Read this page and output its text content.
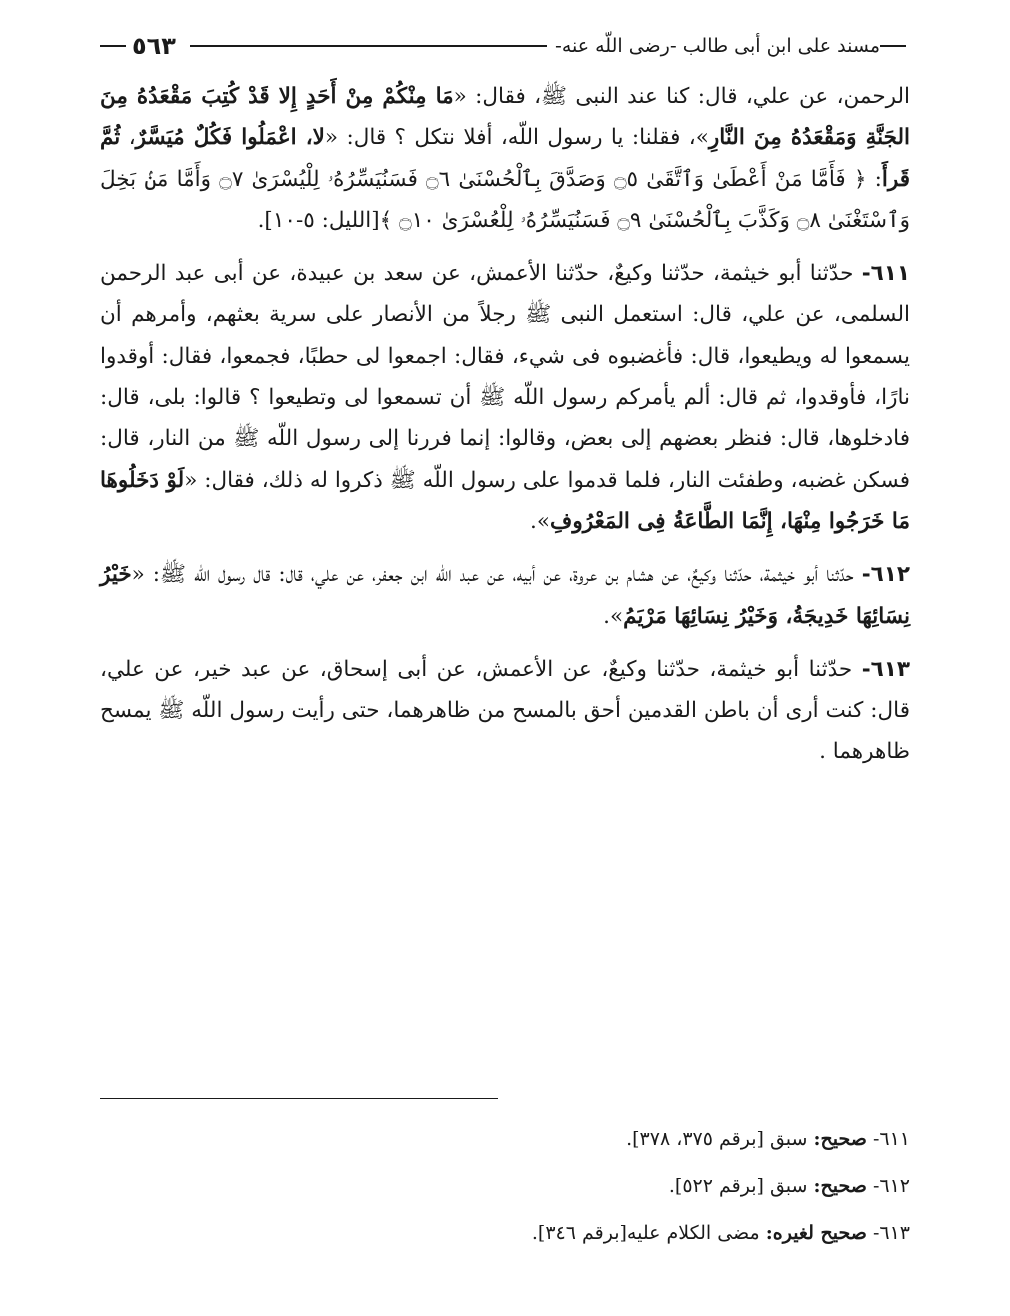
مسند على ابن أبى طالب -رضى اللّه عنه-
٥٦٣

الرحمن، عن علي، قال: كنا عند النبى ﷺ، فقال: «مَا مِنْكُمْ مِنْ أَحَدٍ إِلا قَدْ كُتِبَ مَقْعَدُهُ مِنَ الجَنَّةِ وَمَقْعَدُهُ مِنَ النَّارِ»، فقلنا: يا رسول اللّه، أفلا نتكل ؟ قال: «لا، اعْمَلُوا فَكُلٌ مُيَسَّرٌ، ثُمَّ قَرأَ: ﴿ فَأَمَّا مَنْ أَعْطَىٰ وَٱتَّقَىٰ ۝٥ وَصَدَّقَ بِٱلْحُسْنَىٰ ۝٦ فَسَنُيَسِّرُهُۥ لِلْيُسْرَىٰ ۝٧ وَأَمَّا مَنۢ بَخِلَ وَٱسْتَغْنَىٰ ۝٨ وَكَذَّبَ بِٱلْحُسْنَىٰ ۝٩ فَسَنُيَسِّرُهُۥ لِلْعُسْرَىٰ ۝١٠ ﴾[الليل: ٥-١٠].

٦١١- حدّثنا أبو خيثمة، حدّثنا وكيعٌ، حدّثنا الأعمش، عن سعد بن عبيدة، عن أبى عبد الرحمن السلمى، عن علي، قال: استعمل النبى ﷺ رجلاً من الأنصار على سرية بعثهم، وأمرهم أن يسمعوا له ويطيعوا، قال: فأغضبوه فى شيء، فقال: اجمعوا لى حطبًا، فجمعوا، فقال: أوقدوا نارًا، فأوقدوا، ثم قال: ألم يأمركم رسول اللّه ﷺ أن تسمعوا لى وتطيعوا ؟ قالوا: بلى، قال: فادخلوها، قال: فنظر بعضهم إلى بعض، وقالوا: إنما فررنا إلى رسول اللّه ﷺ من النار، قال: فسكن غضبه، وطفئت النار، فلما قدموا على رسول اللّه ﷺ ذكروا له ذلك، فقال: «لَوْ دَخَلُوهَا مَا خَرَجُوا مِنْهَا، إِنَّمَا الطَّاعَةُ فِى المَعْرُوفِ».

٦١٢- حدّثنا أبو خيثمة، حدّثنا وكيعٌ، عن هشام بن عروة، عن أبيه، عن عبد اللّه ابن جعفر، عن علي، قال: قال رسول اللّه ﷺ: «خَيْرُ نِسَائِهَا خَدِيجَةُ، وَخَيْرُ نِسَائِهَا مَرْيَمُ».

٦١٣- حدّثنا أبو خيثمة، حدّثنا وكيعٌ، عن الأعمش، عن أبى إسحاق، عن عبد خير، عن علي، قال: كنت أرى أن باطن القدمين أحق بالمسح من ظاهرهما، حتى رأيت رسول اللّه ﷺ يمسح ظاهرهما .

٦١١- صحيح: سبق [برقم ٣٧٥، ٣٧٨].

٦١٢- صحيح: سبق [برقم ٥٢٢].

٦١٣- صحيح لغيره: مضى الكلام عليه[برقم ٣٤٦].
